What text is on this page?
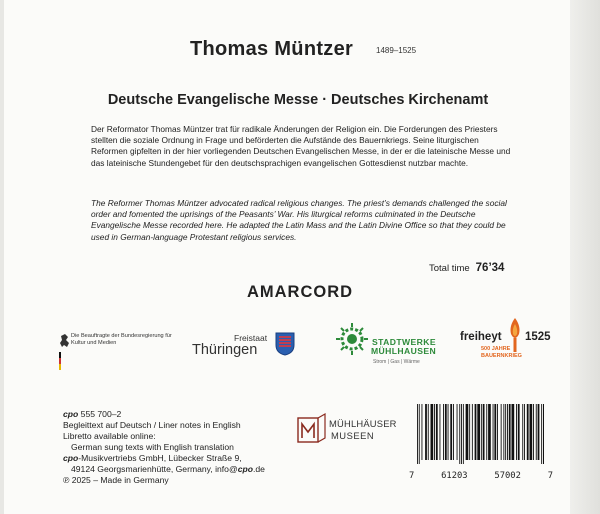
Thomas Müntzer	1489–1525
Deutsche Evangelische Messe · Deutsches Kirchenamt

Der Reformator Thomas Müntzer trat für radikale Änderungen der Religion ein. Die Forderungen des Priesters stellten die soziale Ordnung in Frage und beförderten die Aufstände des Bauernkriegs. Seine liturgischen Reformen gipfelten in der hier vorliegenden Deutschen Evangelischen Messe, in der er die lateinische Messe und das lateinische Stundengebet für den deutschsprachigen evangelischen Gottesdienst nutzbar machte.

The Reformer Thomas Müntzer advocated radical religious changes. The priest’s demands challenged the social order and fomented the uprisings of the Peasants’ War. His liturgical reforms culminated in the Deutsche Evangelische Messe recorded here. He adapted the Latin Mass and the Latin Divine Office so that they could be used in German-language Protestant religious services.

Total time 76’34
AMARCORD
Die Beauftragte der Bundesregierung für Kultur und Medien	Freistaat
Thüringen	STADTWERKE
MÜHLHAUSEN
Strom | Gas | Wärme
freiheyt 1525
500 JAHRE
BAUERNKRIEG
cpo 555 700–2
Begleittext auf Deutsch / Liner notes in English
Libretto available online:
German sung texts with English translation
cpo-Musikvertriebs GmbH, Lübecker Straße 9,
49124 Georgsmarienhütte, Germany, info@cpo.de
℗ 2025 – Made in Germany
MÜHLHÄUSER
MUSEEN
7	61203	57002	7
